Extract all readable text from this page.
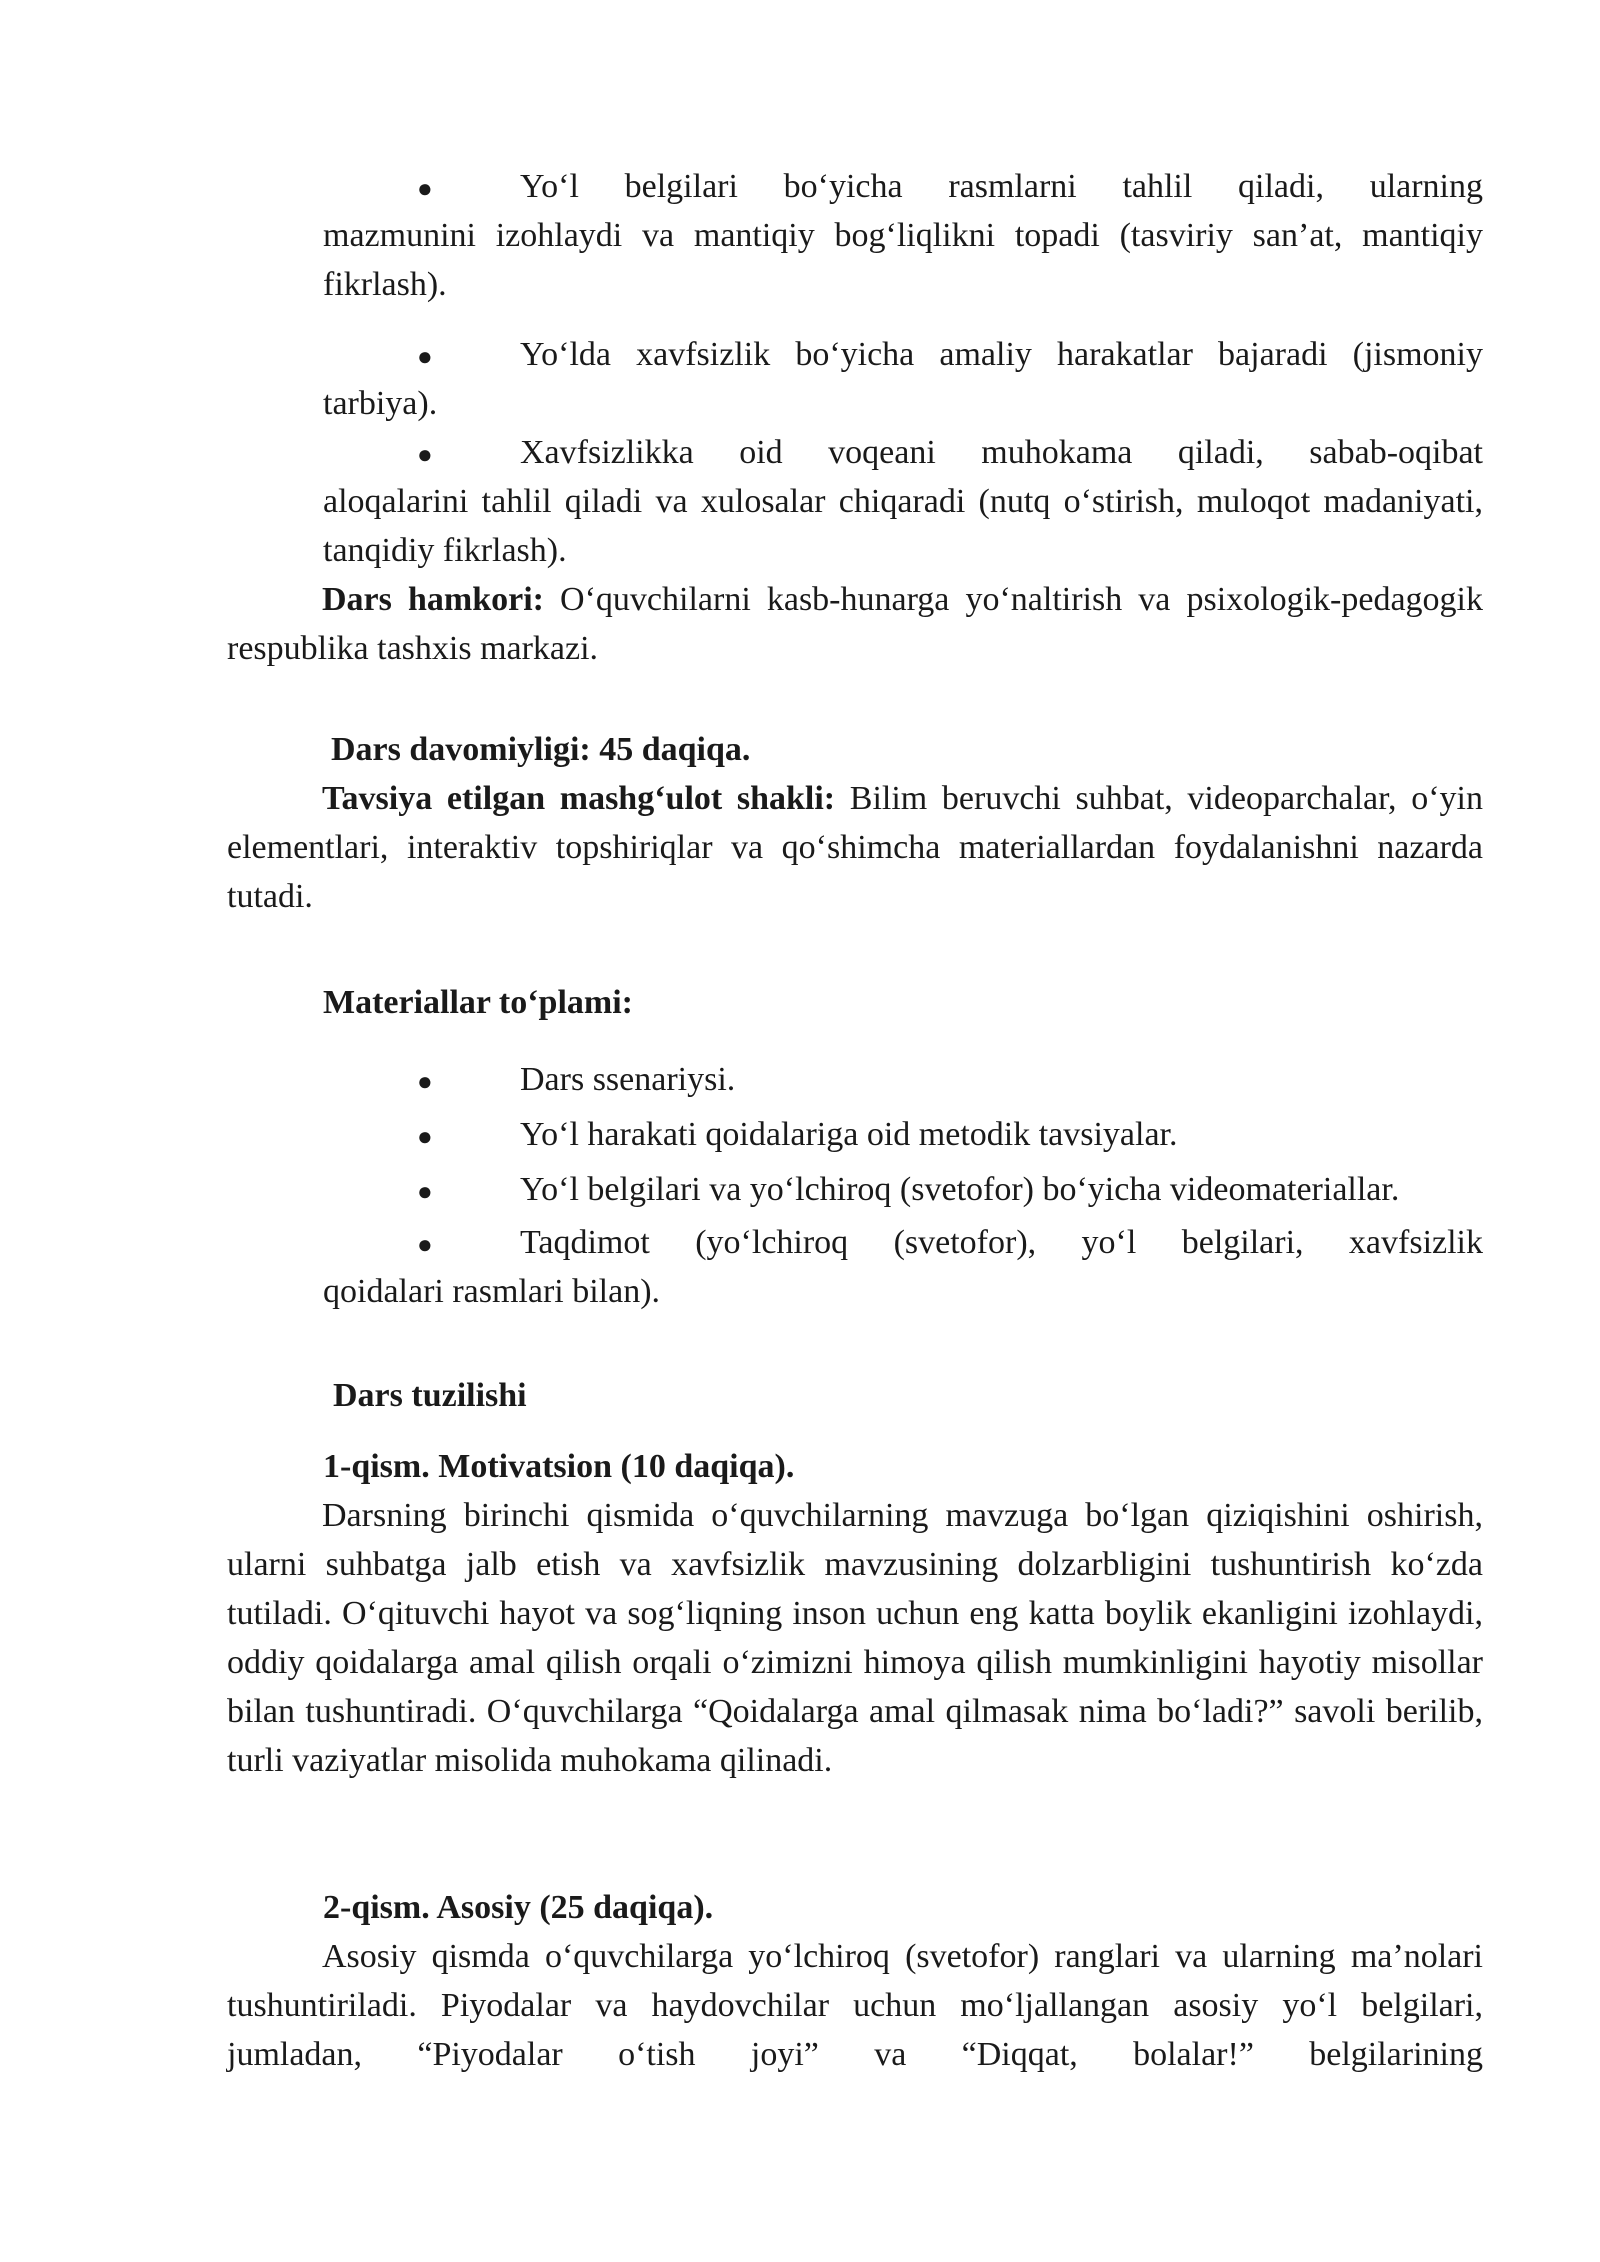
●	Yo‘l belgilari bo‘yicha rasmlarni tahlil qiladi, ularning
mazmunini izohlaydi va mantiqiy bog‘liqlikni topadi (tasviriy san’at, mantiqiy fikrlash).
●	Yo‘lda xavfsizlik bo‘yicha amaliy harakatlar bajaradi (jismoniy
tarbiya).
●	Xavfsizlikka oid voqeani muhokama qiladi, sabab-oqibat
aloqalarini tahlil qiladi va xulosalar chiqaradi (nutq o‘stirish, muloqot madaniyati, tanqidiy fikrlash).
Dars hamkori: O‘quvchilarni kasb-hunarga yo‘naltirish va psixologik-pedagogik respublika tashxis markazi.
Dars davomiyligi: 45 daqiqa.
Tavsiya etilgan mashg‘ulot shakli: Bilim beruvchi suhbat, videoparchalar, o‘yin elementlari, interaktiv topshiriqlar va qo‘shimcha materiallardan foydalanishni nazarda tutadi.
Materiallar to‘plami:
●	Dars ssenariysi.
●	Yo‘l harakati qoidalariga oid metodik tavsiyalar.
●	Yo‘l belgilari va yo‘lchiroq (svetofor) bo‘yicha videomateriallar.
●	Taqdimot (yo‘lchiroq (svetofor), yo‘l belgilari, xavfsizlik
qoidalari rasmlari bilan).
Dars tuzilishi
1-qism. Motivatsion (10 daqiqa).
Darsning birinchi qismida o‘quvchilarning mavzuga bo‘lgan qiziqishini oshirish, ularni suhbatga jalb etish va xavfsizlik mavzusining dolzarbligini tushuntirish ko‘zda tutiladi. O‘qituvchi hayot va sog‘liqning inson uchun eng katta boylik ekanligini izohlaydi, oddiy qoidalarga amal qilish orqali o‘zimizni himoya qilish mumkinligini hayotiy misollar bilan tushuntiradi. O‘quvchilarga “Qoidalarga amal qilmasak nima bo‘ladi?” savoli berilib, turli vaziyatlar misolida muhokama qilinadi.
2-qism. Asosiy (25 daqiqa).
Asosiy qismda o‘quvchilarga yo‘lchiroq (svetofor) ranglari va ularning ma’nolari tushuntiriladi. Piyodalar va haydovchilar uchun mo‘ljallangan asosiy yo‘l belgilari, jumladan, “Piyodalar o‘tish joyi” va “Diqqat, bolalar!” belgilarining
